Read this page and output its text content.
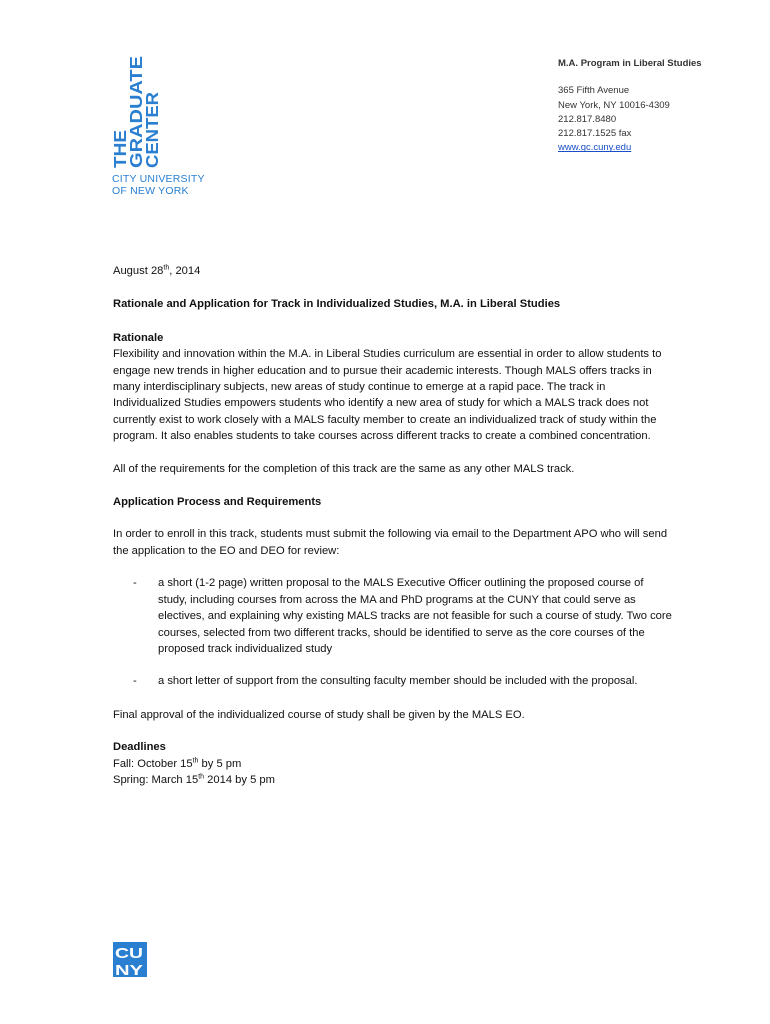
THE
GRADUATE
CENTER
CITY UNIVERSITY
OF NEW YORK
M.A. Program in Liberal Studies
365 Fifth Avenue
New York, NY 10016-4309
212.817.8480
212.817.1525 fax
www.gc.cuny.edu

August 28th, 2014

Rationale and Application for Track in Individualized Studies, M.A. in Liberal Studies

Rationale

Flexibility and innovation within the M.A. in Liberal Studies curriculum are essential in order to allow students to engage new trends in higher education and to pursue their academic interests. Though MALS offers tracks in many interdisciplinary subjects, new areas of study continue to emerge at a rapid pace. The track in Individualized Studies empowers students who identify a new area of study for which a MALS track does not currently exist to work closely with a MALS faculty member to create an individualized track of study within the program. It also enables students to take courses across different tracks to create a combined concentration.

All of the requirements for the completion of this track are the same as any other MALS track.

Application Process and Requirements

In order to enroll in this track, students must submit the following via email to the Department APO who will send the application to the EO and DEO for review:

- a short (1-2 page) written proposal to the MALS Executive Officer outlining the proposed course of study, including courses from across the MA and PhD programs at the CUNY that could serve as electives, and explaining why existing MALS tracks are not feasible for such a course of study. Two core courses, selected from two different tracks, should be identified to serve as the core courses of the proposed track individualized study

- a short letter of support from the consulting faculty member should be included with the proposal.

Final approval of the individualized course of study shall be given by the MALS EO.

Deadlines

Fall: October 15th by 5 pm

Spring: March 15th 2014 by 5 pm

CU
NY
